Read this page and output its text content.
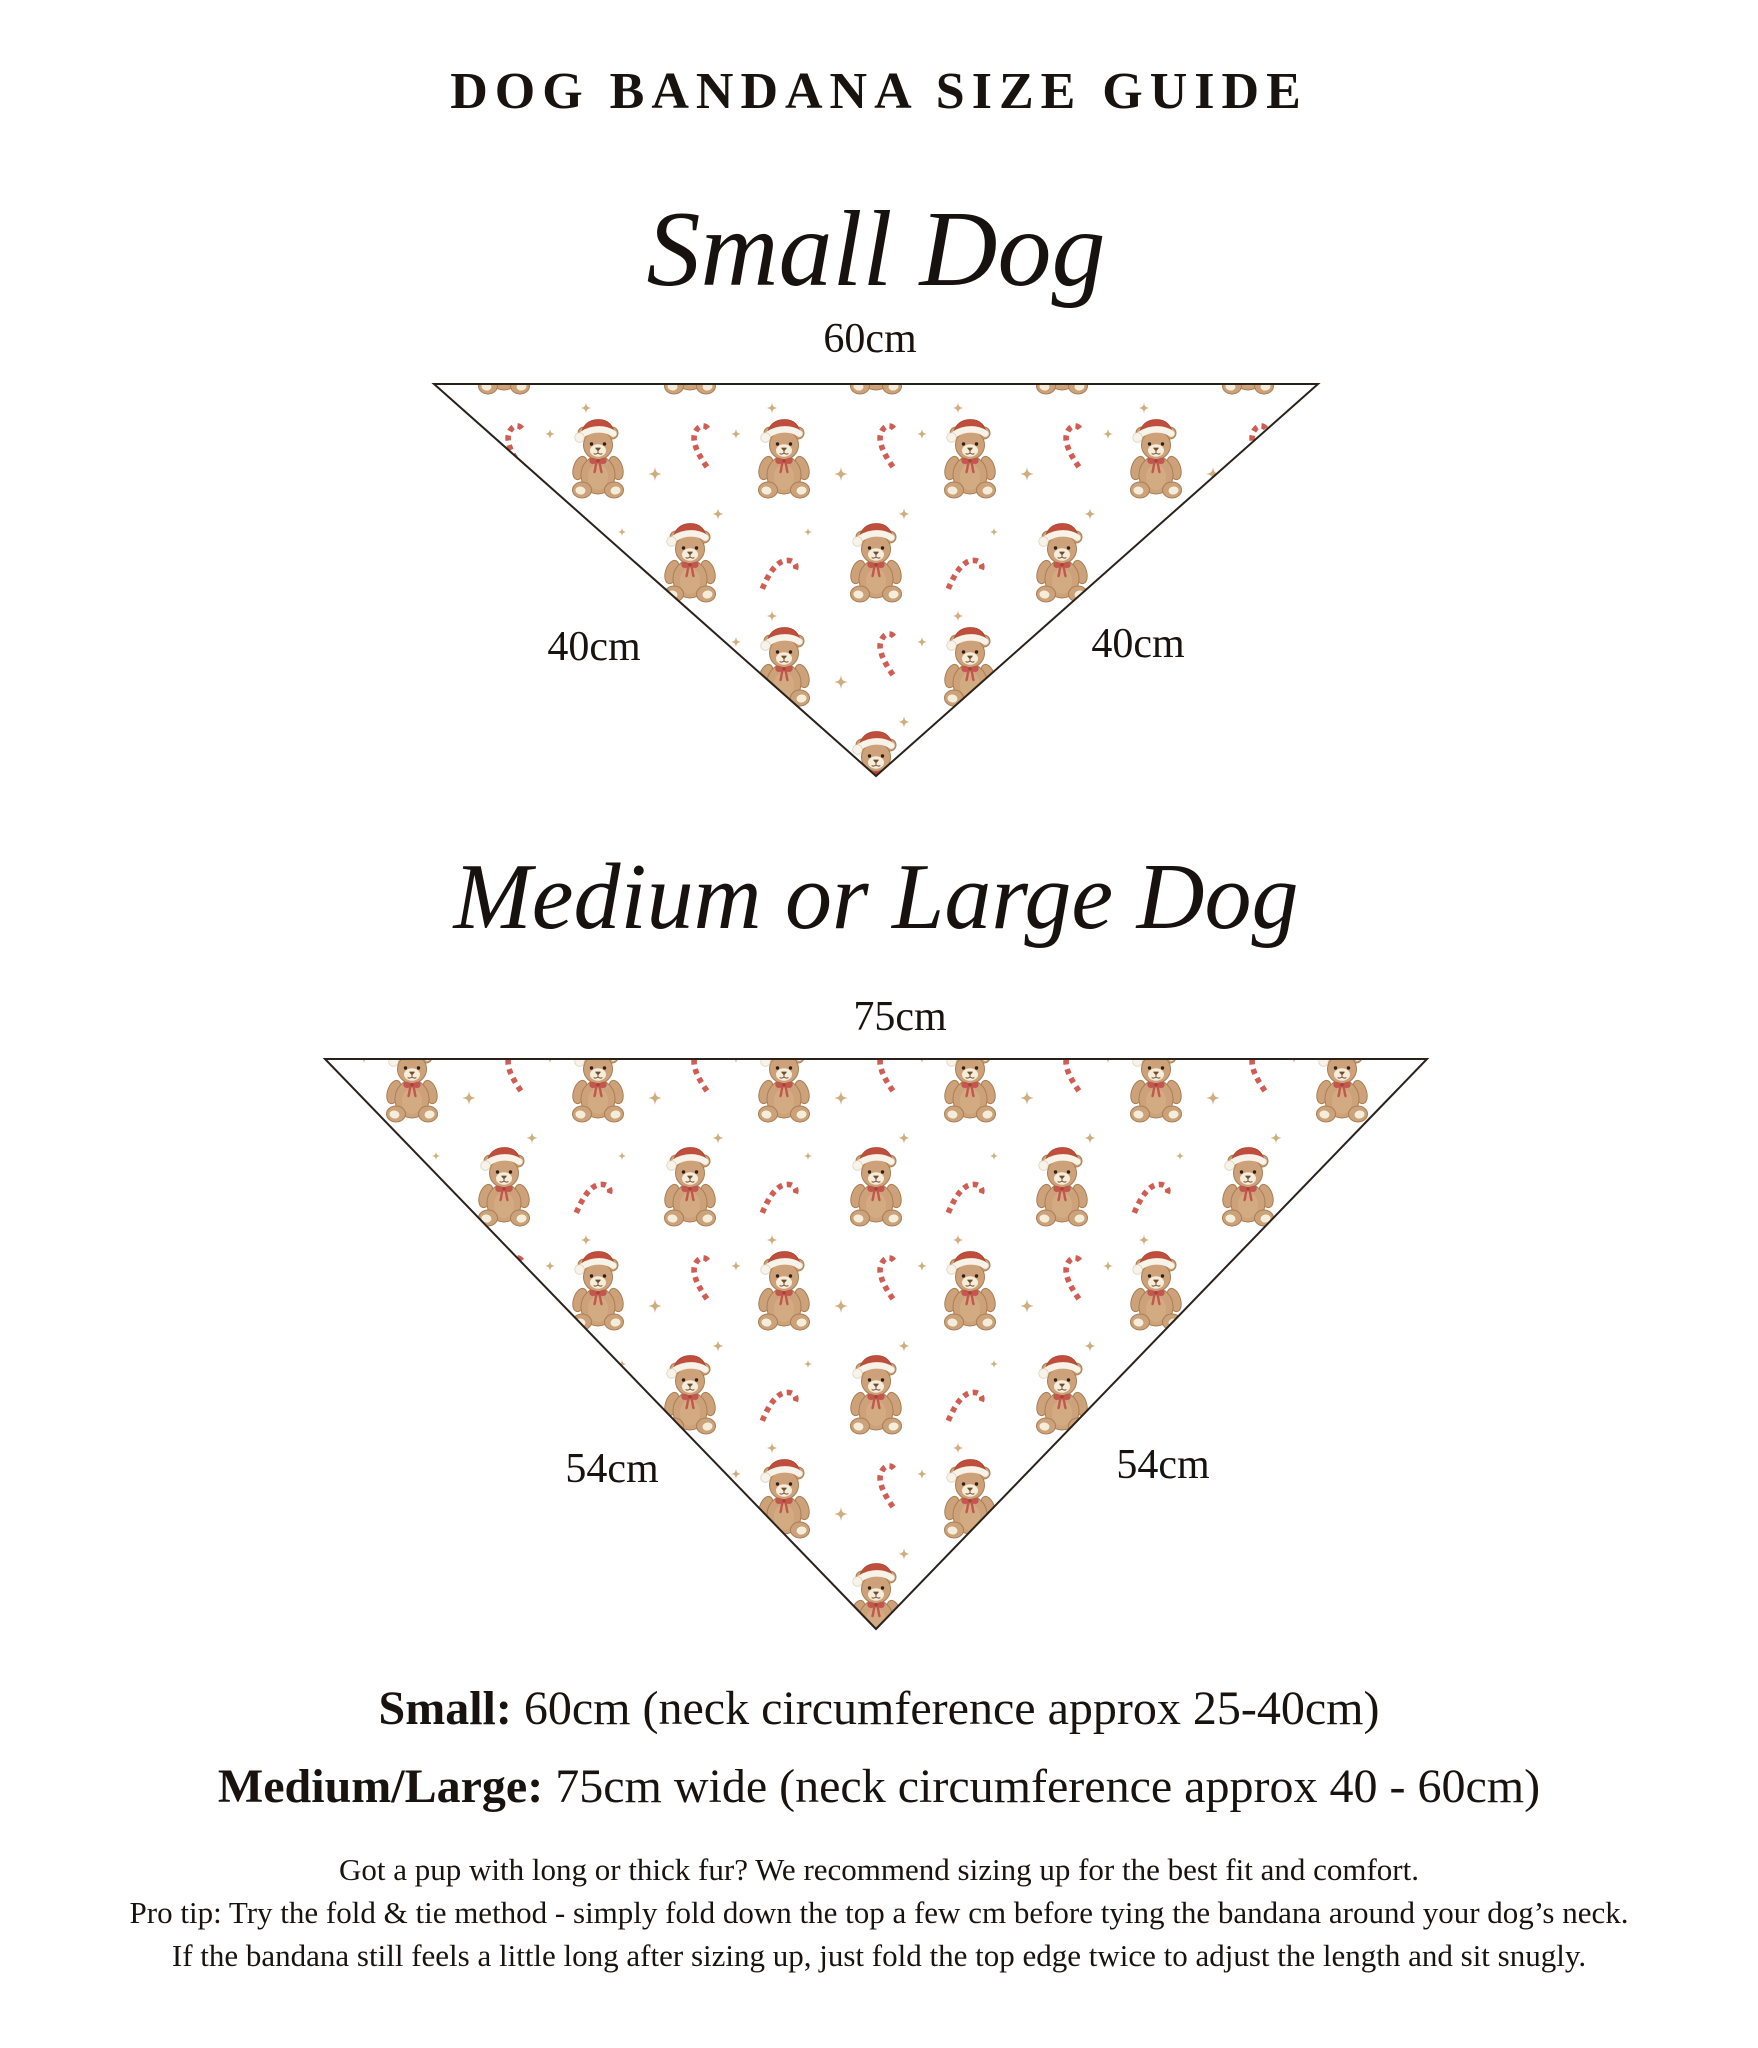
DOG BANDANA SIZE GUIDE
Small Dog
60cm
40cm	40cm
Medium or Large Dog
75cm
54cm	54cm
Small: 60cm (neck circumference approx 25-40cm)
Medium/Large: 75cm wide (neck circumference approx 40 - 60cm)
Got a pup with long or thick fur? We recommend sizing up for the best fit and comfort.
Pro tip: Try the fold & tie method - simply fold down the top a few cm before tying the bandana around your dog’s neck.
If the bandana still feels a little long after sizing up, just fold the top edge twice to adjust the length and sit snugly.
